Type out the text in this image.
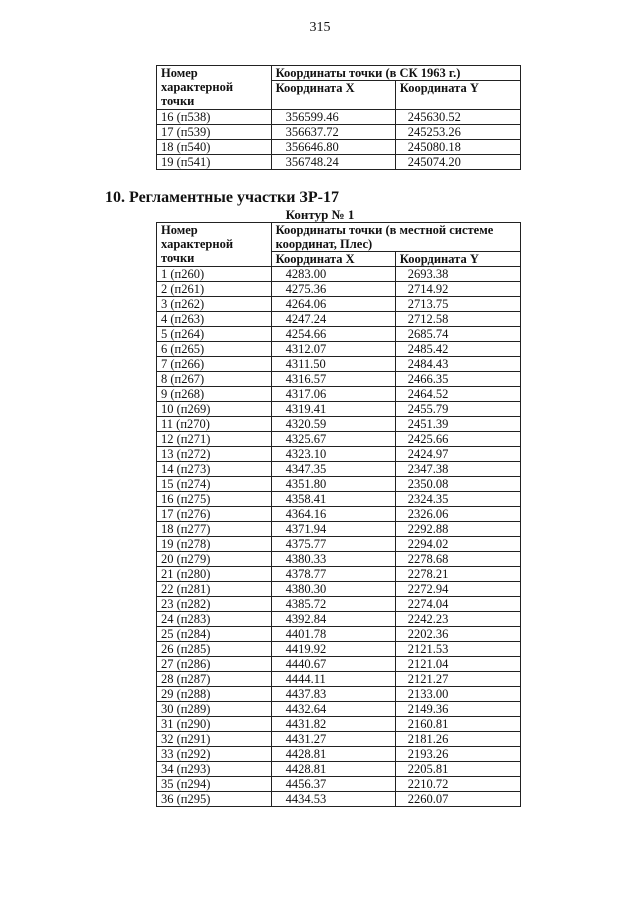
315
Номер характерной точки	Координаты точки (в СК 1963 г.)	
	Координата X	Координата Y
16 (п538)	356599.46	245630.52
17 (п539)	356637.72	245253.26
18 (п540)	356646.80	245080.18
19 (п541)	356748.24	245074.20
10. Регламентные участки ЗР-17
Контур № 1
Номер характерной точки	Координаты точки (в местной системе координат, Плес)	
	Координата X	Координата Y
1 (п260)	4283.00	2693.38
2 (п261)	4275.36	2714.92
3 (п262)	4264.06	2713.75
4 (п263)	4247.24	2712.58
5 (п264)	4254.66	2685.74
6 (п265)	4312.07	2485.42
7 (п266)	4311.50	2484.43
8 (п267)	4316.57	2466.35
9 (п268)	4317.06	2464.52
10 (п269)	4319.41	2455.79
11 (п270)	4320.59	2451.39
12 (п271)	4325.67	2425.66
13 (п272)	4323.10	2424.97
14 (п273)	4347.35	2347.38
15 (п274)	4351.80	2350.08
16 (п275)	4358.41	2324.35
17 (п276)	4364.16	2326.06
18 (п277)	4371.94	2292.88
19 (п278)	4375.77	2294.02
20 (п279)	4380.33	2278.68
21 (п280)	4378.77	2278.21
22 (п281)	4380.30	2272.94
23 (п282)	4385.72	2274.04
24 (п283)	4392.84	2242.23
25 (п284)	4401.78	2202.36
26 (п285)	4419.92	2121.53
27 (п286)	4440.67	2121.04
28 (п287)	4444.11	2121.27
29 (п288)	4437.83	2133.00
30 (п289)	4432.64	2149.36
31 (п290)	4431.82	2160.81
32 (п291)	4431.27	2181.26
33 (п292)	4428.81	2193.26
34 (п293)	4428.81	2205.81
35 (п294)	4456.37	2210.72
36 (п295)	4434.53	2260.07
